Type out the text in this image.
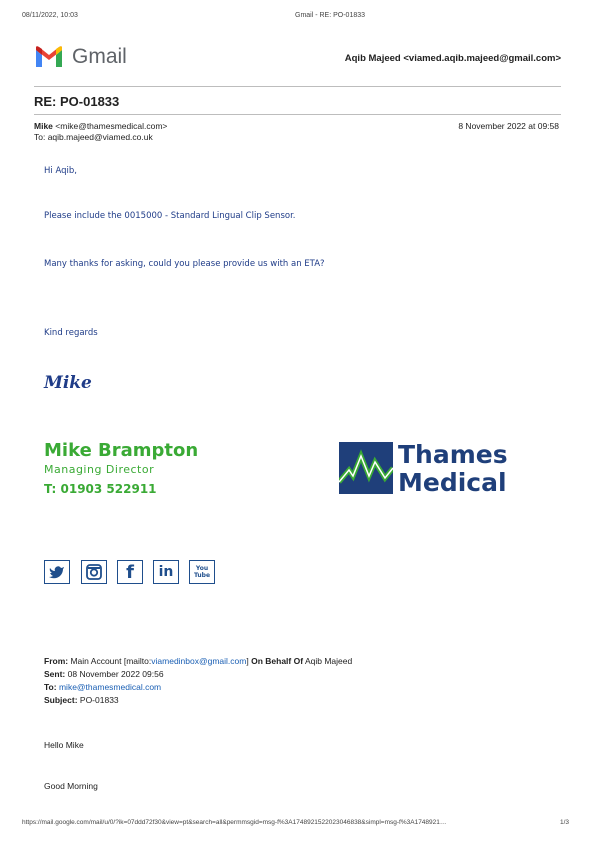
08/11/2022, 10:03	Gmail - RE: PO-01833
Gmail	Aqib Majeed <viamed.aqib.majeed@gmail.com>
RE: PO-01833
Mike <mike@thamesmedical.com>	8 November 2022 at 09:58
To: aqib.majeed@viamed.co.uk
Hi Aqib,
Please include the 0015000 - Standard Lingual Clip Sensor.
Many thanks for asking, could you please provide us with an ETA?
Kind regards
Mike
Mike Brampton
Managing Director
T: 01903 522911
Thames
Medical
f	in	You
Tube
From: Main Account [mailto:viamedinbox@gmail.com] On Behalf Of Aqib Majeed
Sent: 08 November 2022 09:56
To: mike@thamesmedical.com
Subject: PO-01833
Hello Mike
Good Morning
https://mail.google.com/mail/u/0/?ik=07ddd72f30&view=pt&search=all&permmsgid=msg-f%3A1748921522023046838&simpl=msg-f%3A1748921…	1/3
